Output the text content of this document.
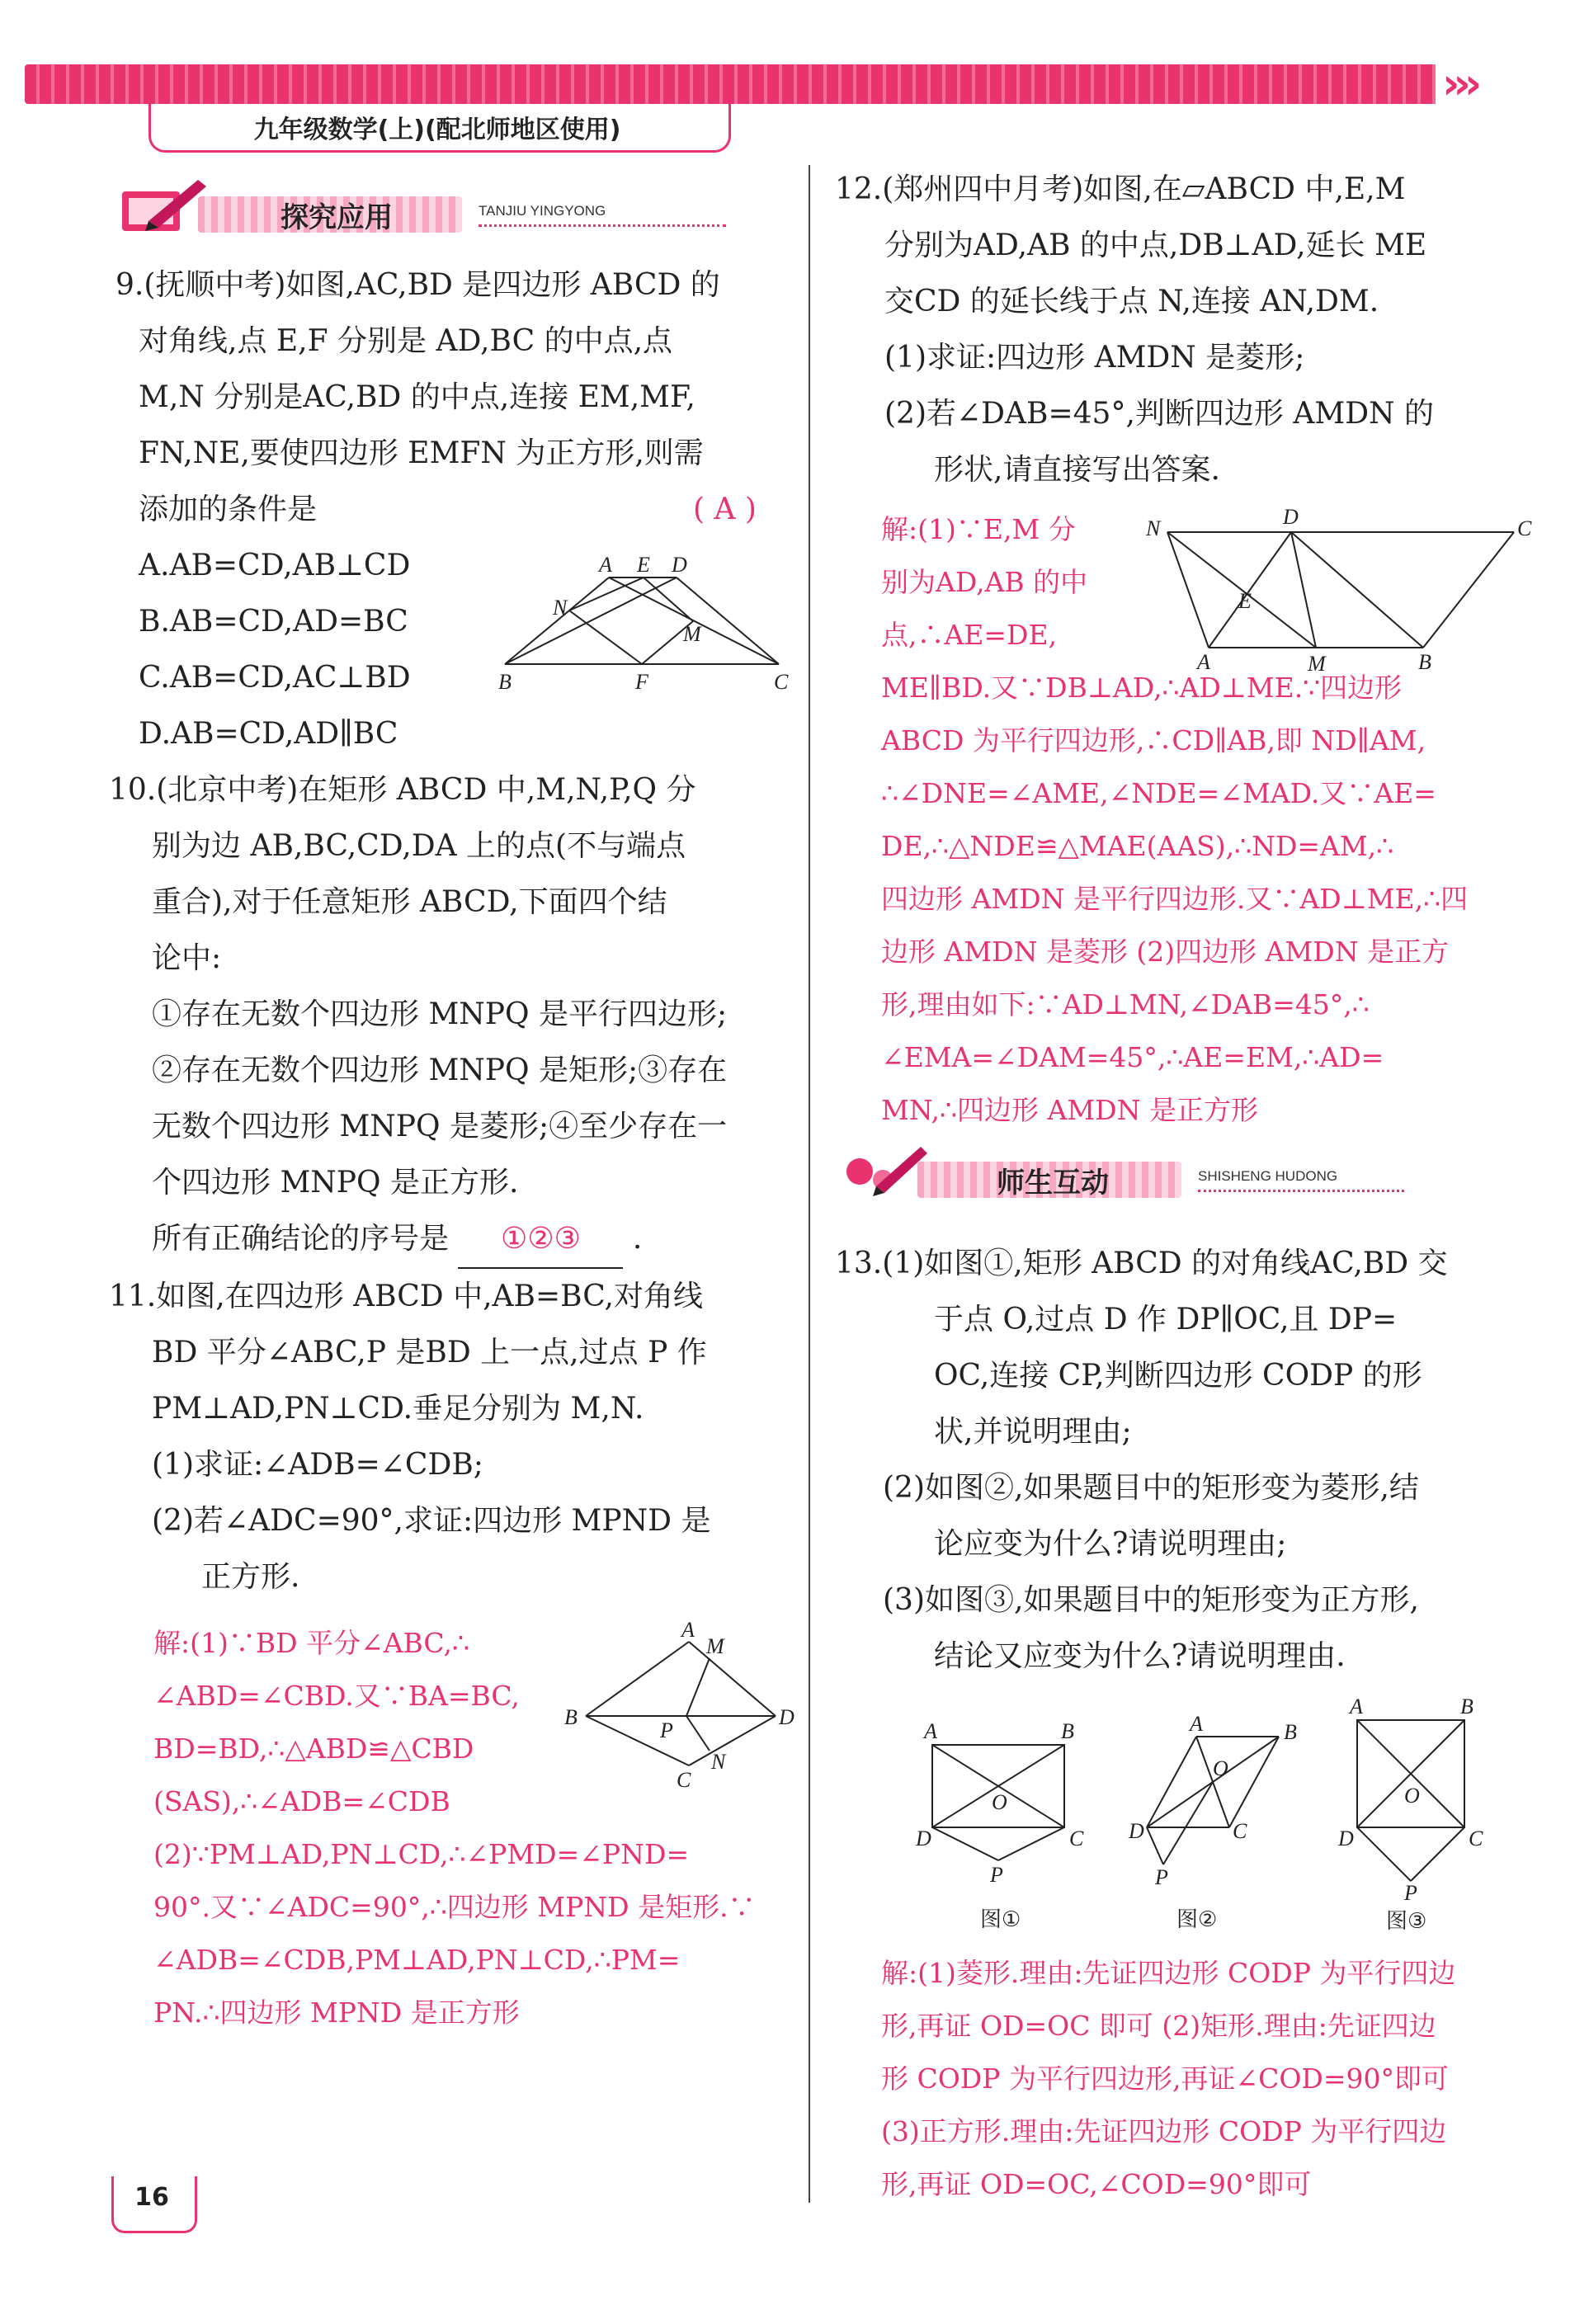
›››
九年级数学(上)(配北师地区使用)
探究应用	TANJIU YINGYONG
9.(抚顺中考)如图,AC,BD 是四边形 ABCD 的
对角线,点 E,F 分别是 AD,BC 的中点,点
M,N 分别是AC,BD 的中点,连接 EM,MF,
FN,NE,要使四边形 EMFN 为正方形,则需
添加的条件是	( A )
A.AB=CD,AB⊥CD
B.AB=CD,AD=BC
C.AB=CD,AC⊥BD
D.AB=CD,AD∥BC
A E D
N
M
B	F	C
10.(北京中考)在矩形 ABCD 中,M,N,P,Q 分
别为边 AB,BC,CD,DA 上的点(不与端点
重合),对于任意矩形 ABCD,下面四个结
论中:
①存在无数个四边形 MNPQ 是平行四边形;
②存在无数个四边形 MNPQ 是矩形;③存在
无数个四边形 MNPQ 是菱形;④至少存在一
个四边形 MNPQ 是正方形.
所有正确结论的序号是 ①②③ .
11.如图,在四边形 ABCD 中,AB=BC,对角线
BD 平分∠ABC,P 是BD 上一点,过点 P 作
PM⊥AD,PN⊥CD.垂足分别为 M,N.
(1)求证:∠ADB=∠CDB;
(2)若∠ADC=90°,求证:四边形 MPND 是
正方形.
解:(1)∵BD 平分∠ABC,∴
∠ABD=∠CBD.又∵BA=BC,
BD=BD,∴△ABD≌△CBD
(SAS),∴∠ADB=∠CDB
(2)∵PM⊥AD,PN⊥CD,∴∠PMD=∠PND=
90°.又∵∠ADC=90°,∴四边形 MPND 是矩形.∵
∠ADB=∠CDB,PM⊥AD,PN⊥CD,∴PM=
PN.∴四边形 MPND 是正方形
A
M
B
P
D
N
C
12.(郑州四中月考)如图,在▱ABCD 中,E,M
分别为AD,AB 的中点,DB⊥AD,延长 ME
交CD 的延长线于点 N,连接 AN,DM.
(1)求证:四边形 AMDN 是菱形;
(2)若∠DAB=45°,判断四边形 AMDN 的
形状,请直接写出答案.
解:(1)∵E,M 分
别为AD,AB 的中
点,∴AE=DE,
ME∥BD.又∵DB⊥AD,∴AD⊥ME.∵四边形
ABCD 为平行四边形,∴CD∥AB,即 ND∥AM,
∴∠DNE=∠AME,∠NDE=∠MAD.又∵AE=
DE,∴△NDE≌△MAE(AAS),∴ND=AM,∴
四边形 AMDN 是平行四边形.又∵AD⊥ME,∴四
边形 AMDN 是菱形 (2)四边形 AMDN 是正方
形,理由如下:∵AD⊥MN,∠DAB=45°,∴
∠EMA=∠DAM=45°,∴AE=EM,∴AD=
MN,∴四边形 AMDN 是正方形
N	D	C
E
A	M	B
师生互动	SHISHENG HUDONG
13.(1)如图①,矩形 ABCD 的对角线AC,BD 交
于点 O,过点 D 作 DP∥OC,且 DP=
OC,连接 CP,判断四边形 CODP 的形
状,并说明理由;
(2)如图②,如果题目中的矩形变为菱形,结
论应变为什么?请说明理由;
(3)如图③,如果题目中的矩形变为正方形,
结论又应变为什么?请说明理由.
A	B
O
D	C
P
图①
A	B
O
D	C
P
图②
A	B
O
D	C
P
图③
解:(1)菱形.理由:先证四边形 CODP 为平行四边
形,再证 OD=OC 即可 (2)矩形.理由:先证四边
形 CODP 为平行四边形,再证∠COD=90°即可
(3)正方形.理由:先证四边形 CODP 为平行四边
形,再证 OD=OC,∠COD=90°即可
16
